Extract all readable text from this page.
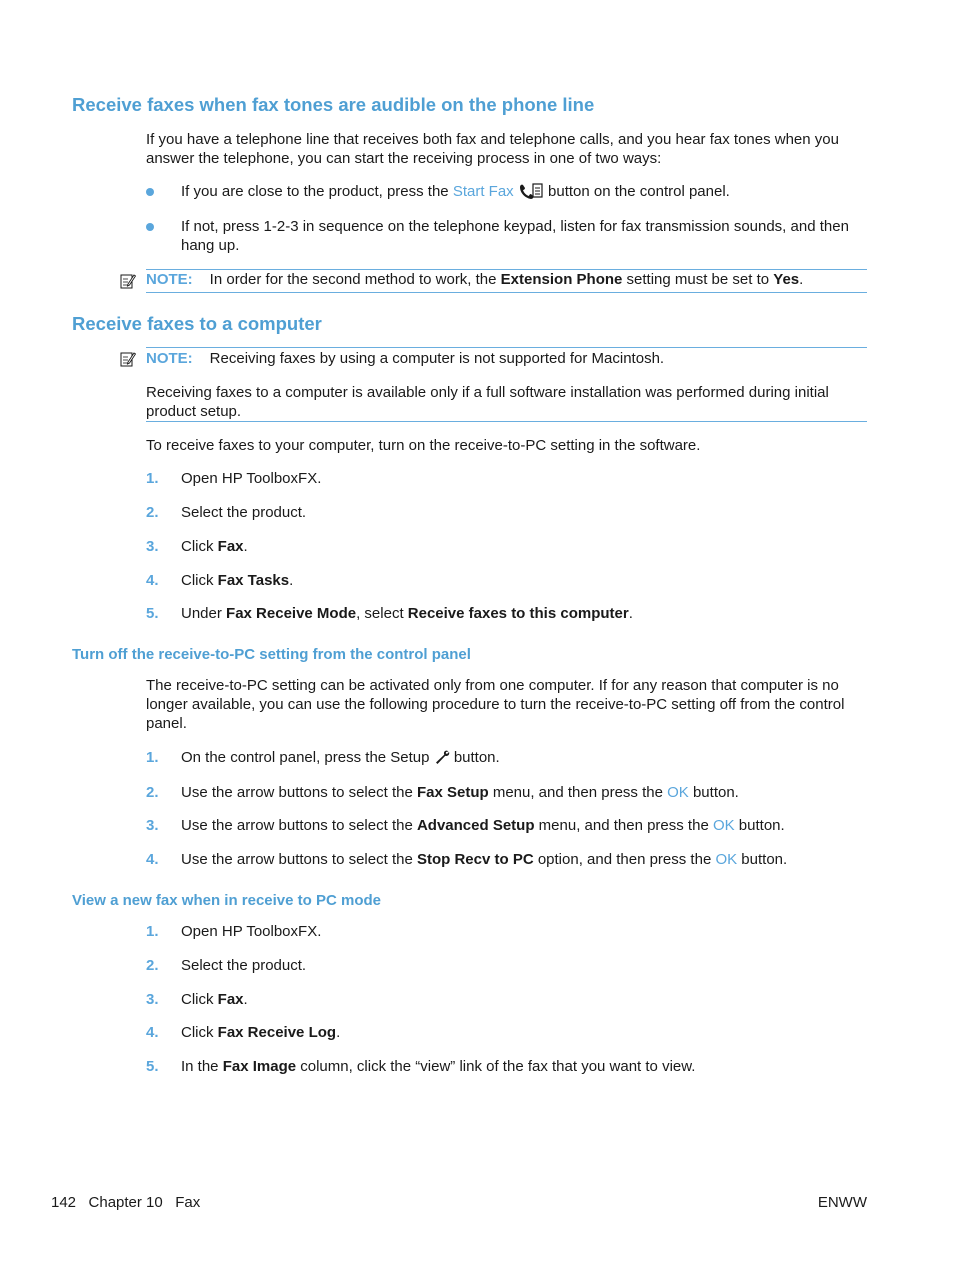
Receive faxes when fax tones are audible on the phone line
If you have a telephone line that receives both fax and telephone calls, and you hear fax tones when you answer the telephone, you can start the receiving process in one of two ways:
If you are close to the product, press the Start Fax
button on the control panel.
If not, press 1-2-3 in sequence on the telephone keypad, listen for fax transmission sounds, and then hang up.
NOTE: In order for the second method to work, the Extension Phone setting must be set to Yes.
Receive faxes to a computer
NOTE: Receiving faxes by using a computer is not supported for Macintosh.
Receiving faxes to a computer is available only if a full software installation was performed during initial product setup.
To receive faxes to your computer, turn on the receive-to-PC setting in the software.
1. Open HP ToolboxFX.
2. Select the product.
3. Click Fax.
4. Click Fax Tasks.
5. Under Fax Receive Mode, select Receive faxes to this computer.
Turn off the receive-to-PC setting from the control panel
The receive-to-PC setting can be activated only from one computer. If for any reason that computer is no longer available, you can use the following procedure to turn the receive-to-PC setting off from the control panel.
1. On the control panel, press the Setup
button.
2. Use the arrow buttons to select the Fax Setup menu, and then press the OK button.
3. Use the arrow buttons to select the Advanced Setup menu, and then press the OK button.
4. Use the arrow buttons to select the Stop Recv to PC option, and then press the OK button.
View a new fax when in receive to PC mode
1. Open HP ToolboxFX.
2. Select the product.
3. Click Fax.
4. Click Fax Receive Log.
5. In the Fax Image column, click the “view” link of the fax that you want to view.
142   Chapter 10   Fax	ENWW
